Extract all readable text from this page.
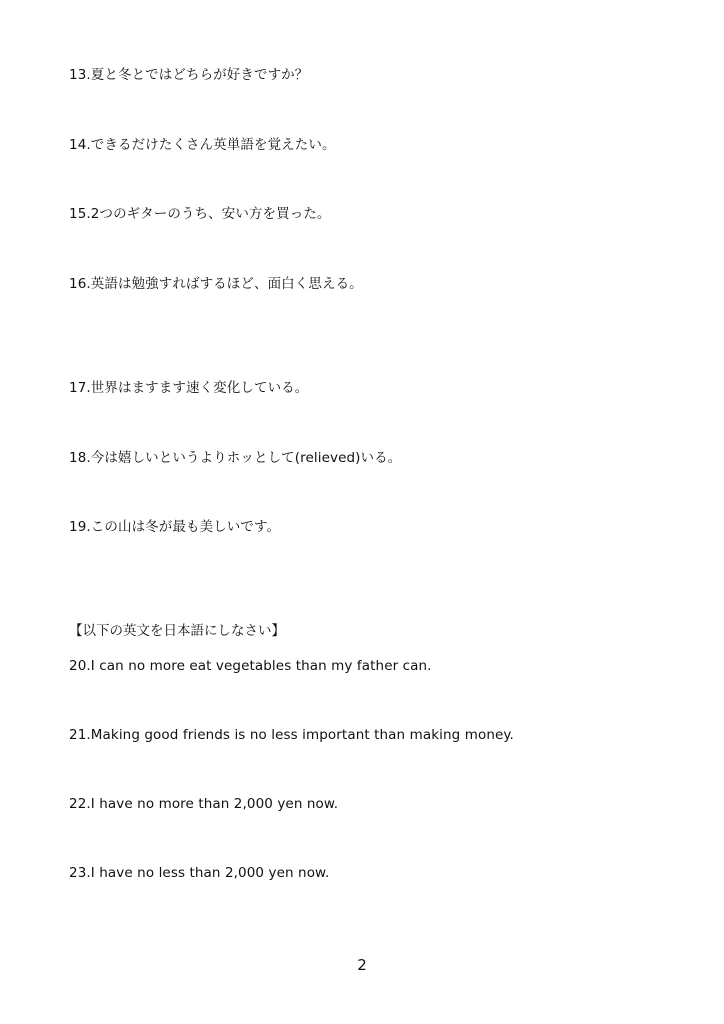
13.夏と冬とではどちらが好きですか？
14.できるだけたくさん英単語を覚えたい。
15.2つのギターのうち、安い方を買った。
16.英語は勉強すればするほど、面白く思える。
17.世界はますます速く変化している。
18.今は嬉しいというよりホッとして(relieved)いる。
19.この山は冬が最も美しいです。
【以下の英文を日本語にしなさい】
20.I can no more eat vegetables than my father can.
21.Making good friends is no less important than making money.
22.I have no more than 2,000 yen now.
23.I have no less than 2,000 yen now.
2
